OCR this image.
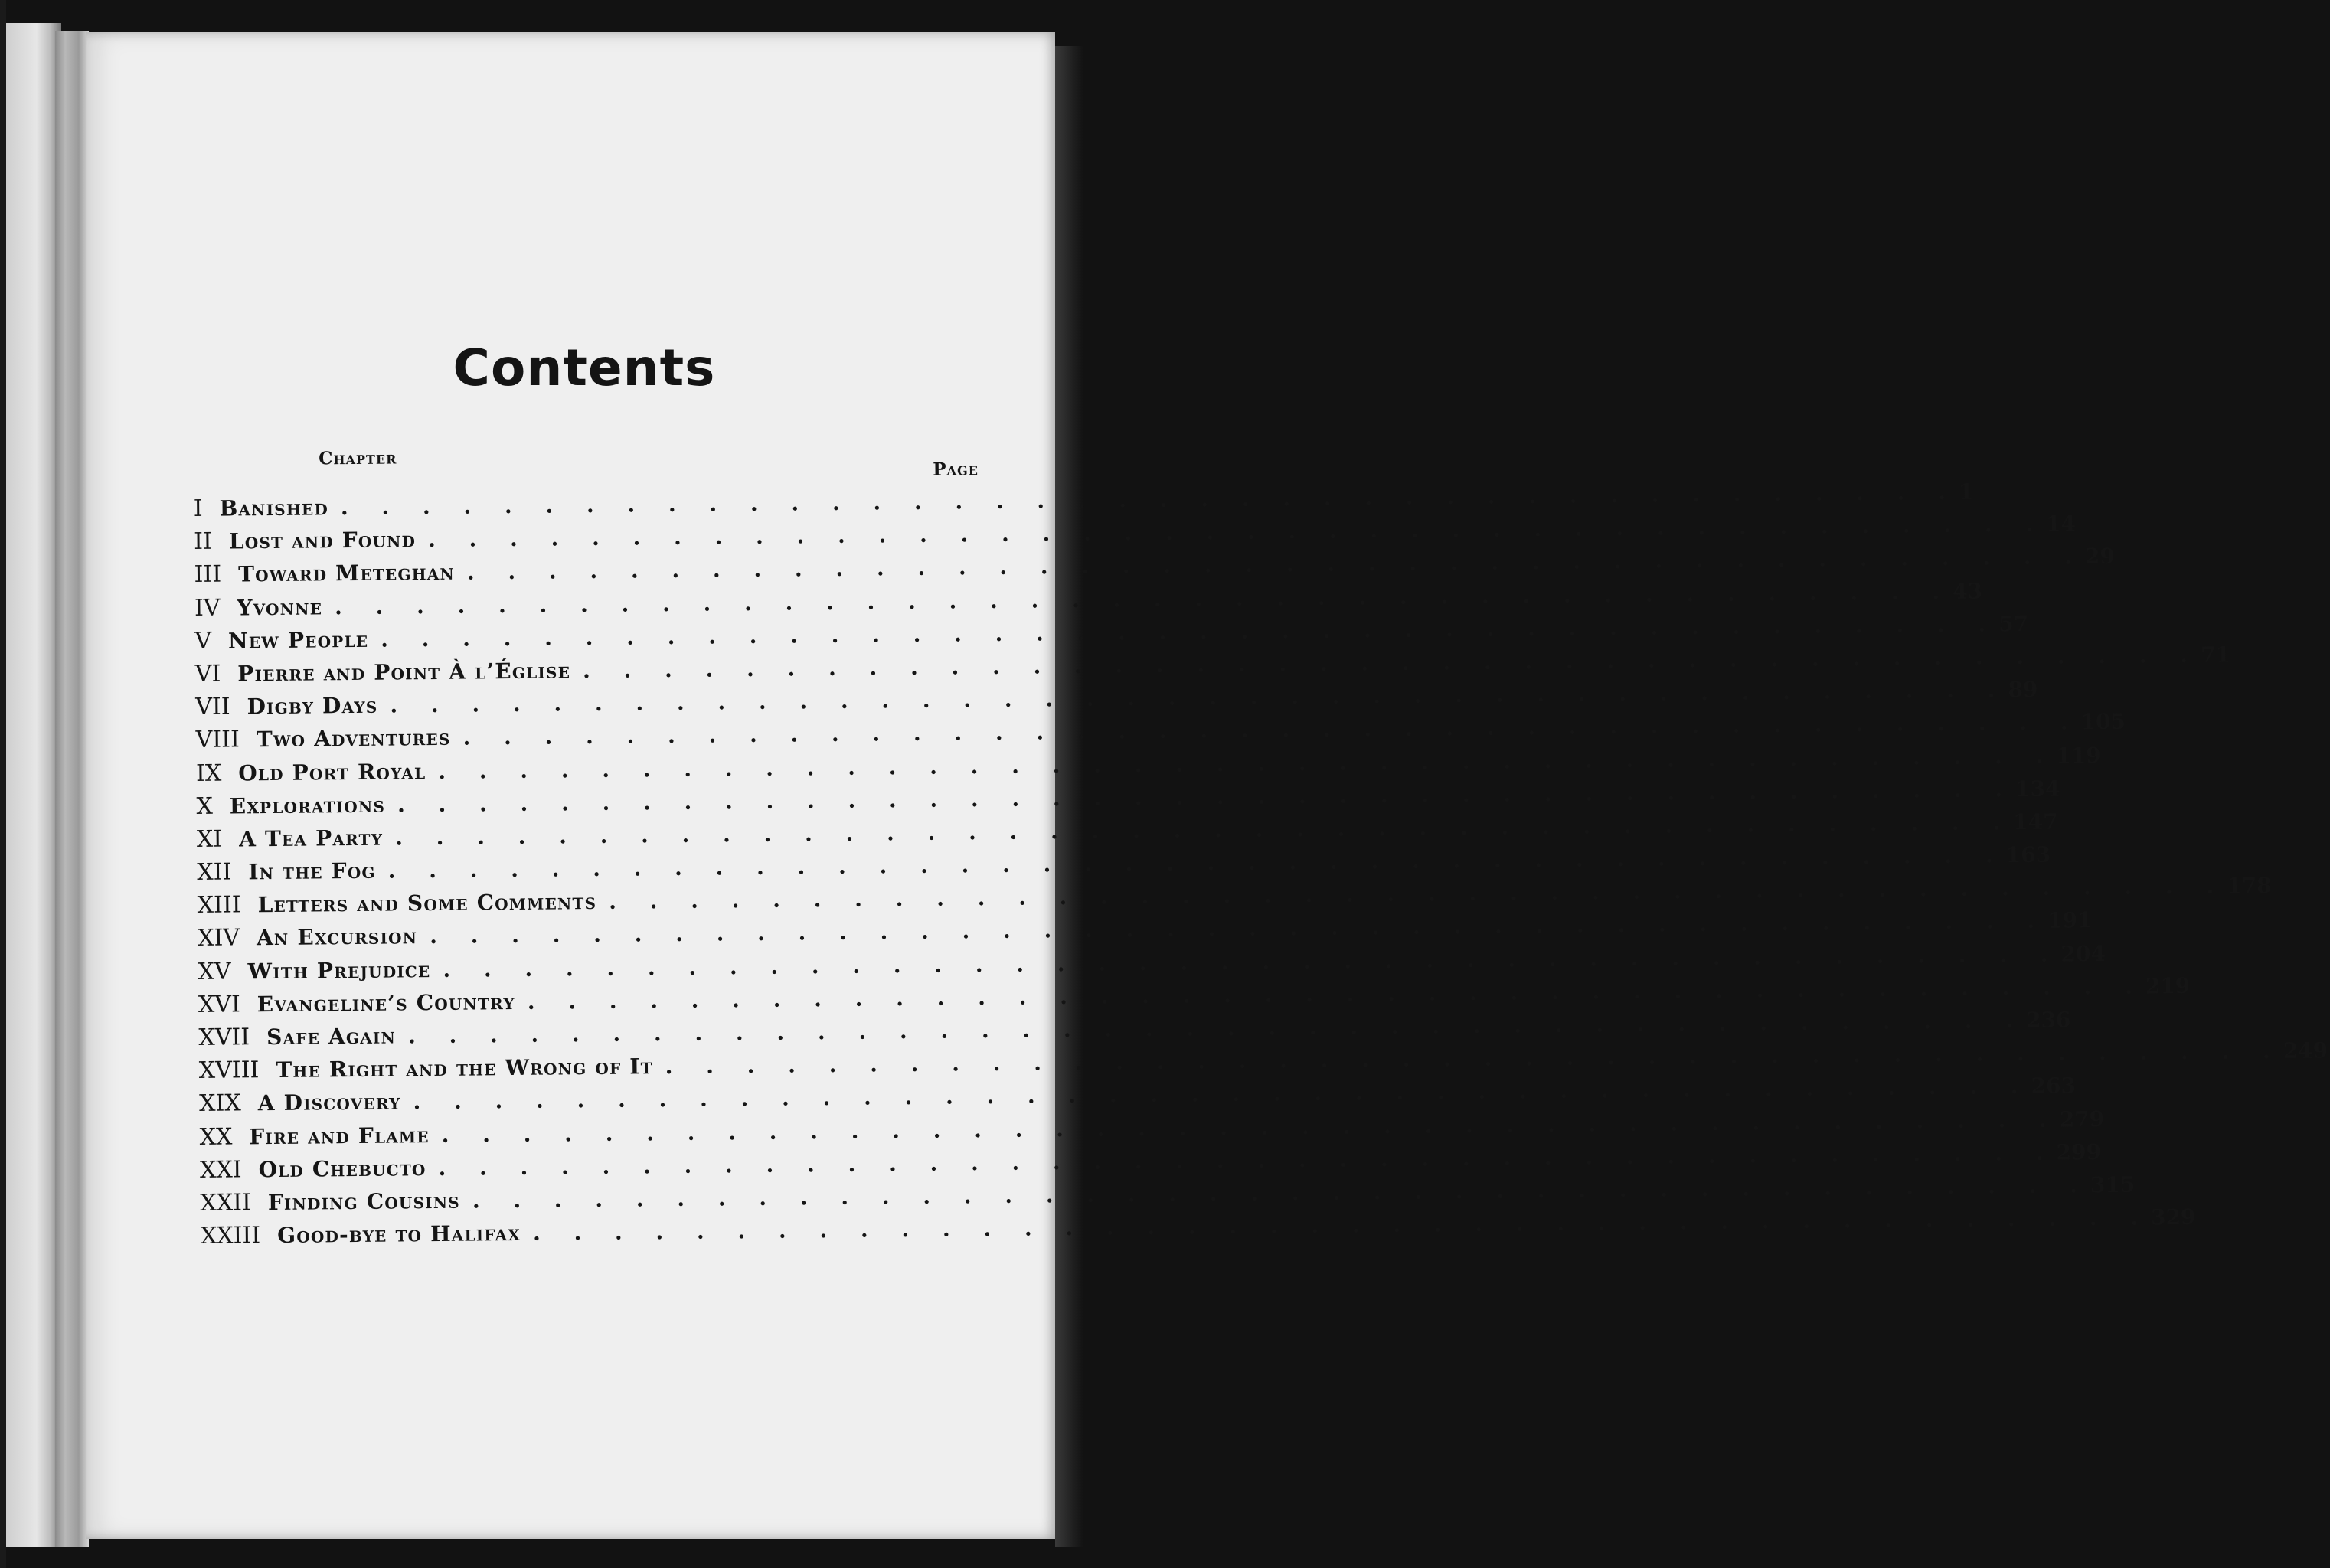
Contents
Chapter
Page
I Banished . . . . . . . . . . . . . . . . . . . . . . . . . . . . . . . . . . . . . . . . 1
II Lost and Found . . . . . . . . . . . . . . . . . . . . . . . . . . . . . . . . . . . . . . . . 14
III Toward Meteghan . . . . . . . . . . . . . . . . . . . . . . . . . . . . . . . . . . . . . . . . 29
IV Yvonne . . . . . . . . . . . . . . . . . . . . . . . . . . . . . . . . . . . . . . . . 43
V New People . . . . . . . . . . . . . . . . . . . . . . . . . . . . . . . . . . . . . . . . 57
VI Pierre and Point À l’Église . . . . . . . . . . . . . . . . . . . . . . . . . . . . . . . . . . . . . . . . 71
VII Digby Days . . . . . . . . . . . . . . . . . . . . . . . . . . . . . . . . . . . . . . . . 89
VIII Two Adventures . . . . . . . . . . . . . . . . . . . . . . . . . . . . . . . . . . . . . . . . 105
IX Old Port Royal . . . . . . . . . . . . . . . . . . . . . . . . . . . . . . . . . . . . . . . . 119
X Explorations . . . . . . . . . . . . . . . . . . . . . . . . . . . . . . . . . . . . . . . . 134
XI A Tea Party . . . . . . . . . . . . . . . . . . . . . . . . . . . . . . . . . . . . . . . . 147
XII In the Fog . . . . . . . . . . . . . . . . . . . . . . . . . . . . . . . . . . . . . . . . 163
XIII Letters and Some Comments . . . . . . . . . . . . . . . . . . . . . . . . . . . . . . . . . . . . . . . . 178
XIV An Excursion . . . . . . . . . . . . . . . . . . . . . . . . . . . . . . . . . . . . . . . . 191
XV With Prejudice . . . . . . . . . . . . . . . . . . . . . . . . . . . . . . . . . . . . . . . . 204
XVI Evangeline’s Country . . . . . . . . . . . . . . . . . . . . . . . . . . . . . . . . . . . . . . . . 219
XVII Safe Again . . . . . . . . . . . . . . . . . . . . . . . . . . . . . . . . . . . . . . . . 236
XVIII The Right and the Wrong of It . . . . . . . . . . . . . . . . . . . . . . . . . . . . . . . . . . . . . . . . 249
XIX A Discovery . . . . . . . . . . . . . . . . . . . . . . . . . . . . . . . . . . . . . . . . 263
XX Fire and Flame . . . . . . . . . . . . . . . . . . . . . . . . . . . . . . . . . . . . . . . . 279
XXI Old Chebucto . . . . . . . . . . . . . . . . . . . . . . . . . . . . . . . . . . . . . . . . 299
XXII Finding Cousins . . . . . . . . . . . . . . . . . . . . . . . . . . . . . . . . . . . . . . . . 315
XXIII Good-bye to Halifax . . . . . . . . . . . . . . . . . . . . . . . . . . . . . . . . . . . . . . . . 329
